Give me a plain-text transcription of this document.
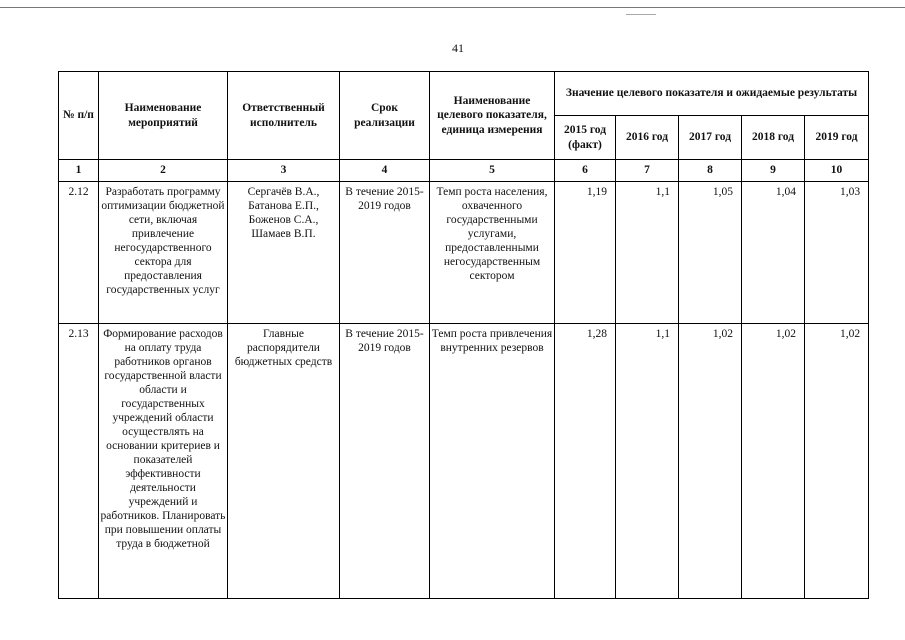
41
№ п/п	Наименование мероприятий	Ответственный исполнитель	Срок реализации	Наименование целевого показателя, единица измерения	Значение целевого показателя и ожидаемые результаты				
					2015 год (факт)	2016 год	2017 год	2018 год	2019 год
1	2	3	4	5	6	7	8	9	10
2.12	Разработать программу оптимизации бюджетной сети, включая привлечение негосударственного сектора для предоставления государственных услуг	Сергачёв В.А., Батанова Е.П., Боженов С.А., Шамаев В.П.	В течение 2015-2019 годов	Темп роста населения, охваченного государственными услугами, предоставленными негосударственным сектором	1,19	1,1	1,05	1,04	1,03
2.13	Формирование расходов на оплату труда работников органов государственной власти области и государственных учреждений области осуществлять на основании критериев и показателей эффективности деятельности учреждений и работников. Планировать при повышении оплаты труда в бюджетной	Главные распорядители бюджетных средств	В течение 2015-2019 годов	Темп роста привлечения внутренних резервов	1,28	1,1	1,02	1,02	1,02
